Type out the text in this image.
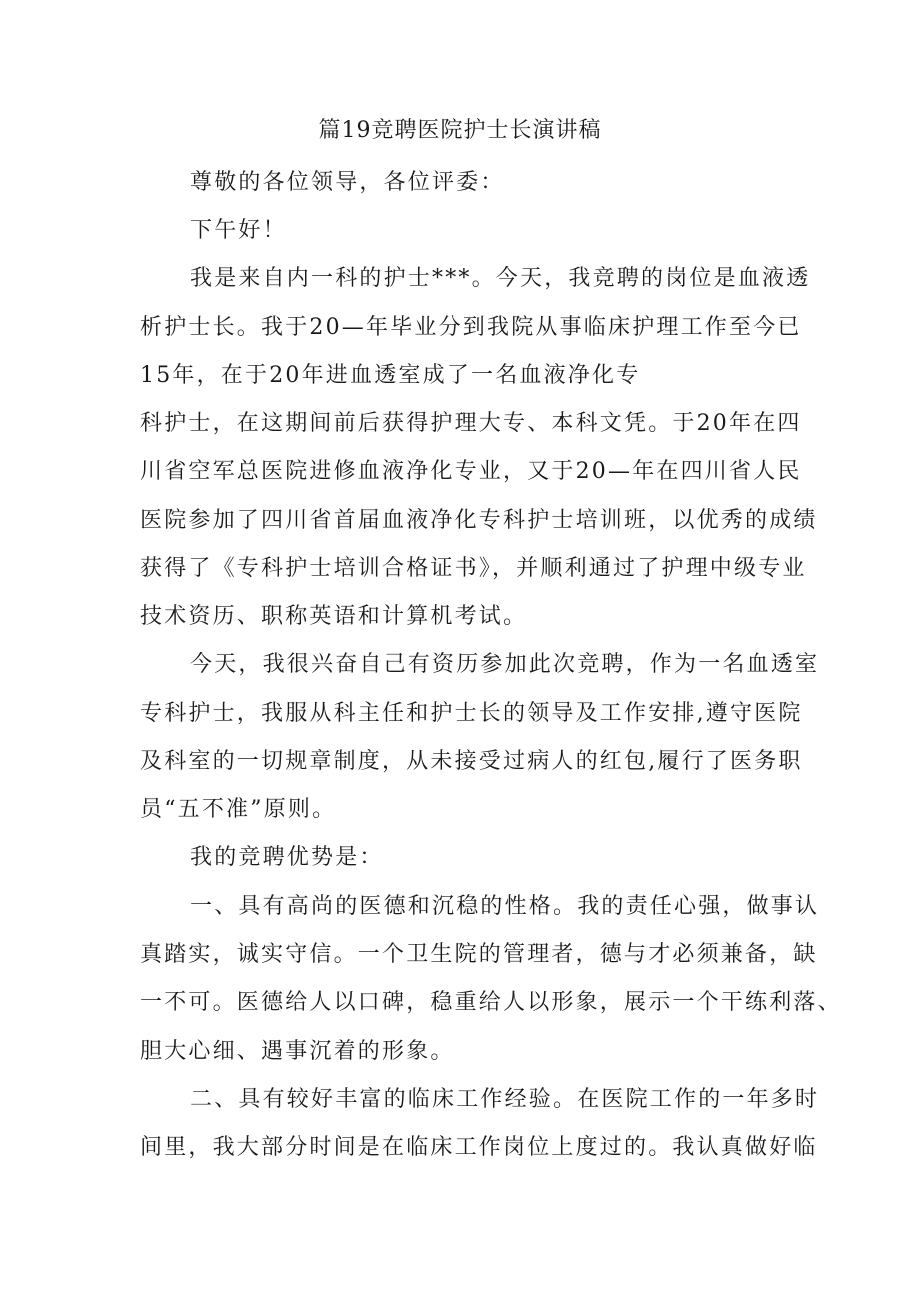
篇19竞聘医院护士长演讲稿
尊敬的各位领导，各位评委：
下午好！
我是来自内一科的护士***。今天，我竞聘的岗位是血液透
析护士长。我于20—年毕业分到我院从事临床护理工作至今已
15年，在于20年进血透室成了一名血液净化专
科护士，在这期间前后获得护理大专、本科文凭。于20年在四
川省空军总医院进修血液净化专业，又于20—年在四川省人民
医院参加了四川省首届血液净化专科护士培训班，以优秀的成绩
获得了《专科护士培训合格证书》，并顺利通过了护理中级专业
技术资历、职称英语和计算机考试。
今天，我很兴奋自己有资历参加此次竞聘，作为一名血透室
专科护士，我服从科主任和护士长的领导及工作安排,遵守医院
及科室的一切规章制度，从未接受过病人的红包,履行了医务职
员“五不准”原则。
我的竞聘优势是：
一、具有高尚的医德和沉稳的性格。我的责任心强，做事认
真踏实，诚实守信。一个卫生院的管理者，德与才必须兼备，缺
一不可。医德给人以口碑，稳重给人以形象，展示一个干练利落、
胆大心细、遇事沉着的形象。
二、具有较好丰富的临床工作经验。在医院工作的一年多时
间里，我大部分时间是在临床工作岗位上度过的。我认真做好临
